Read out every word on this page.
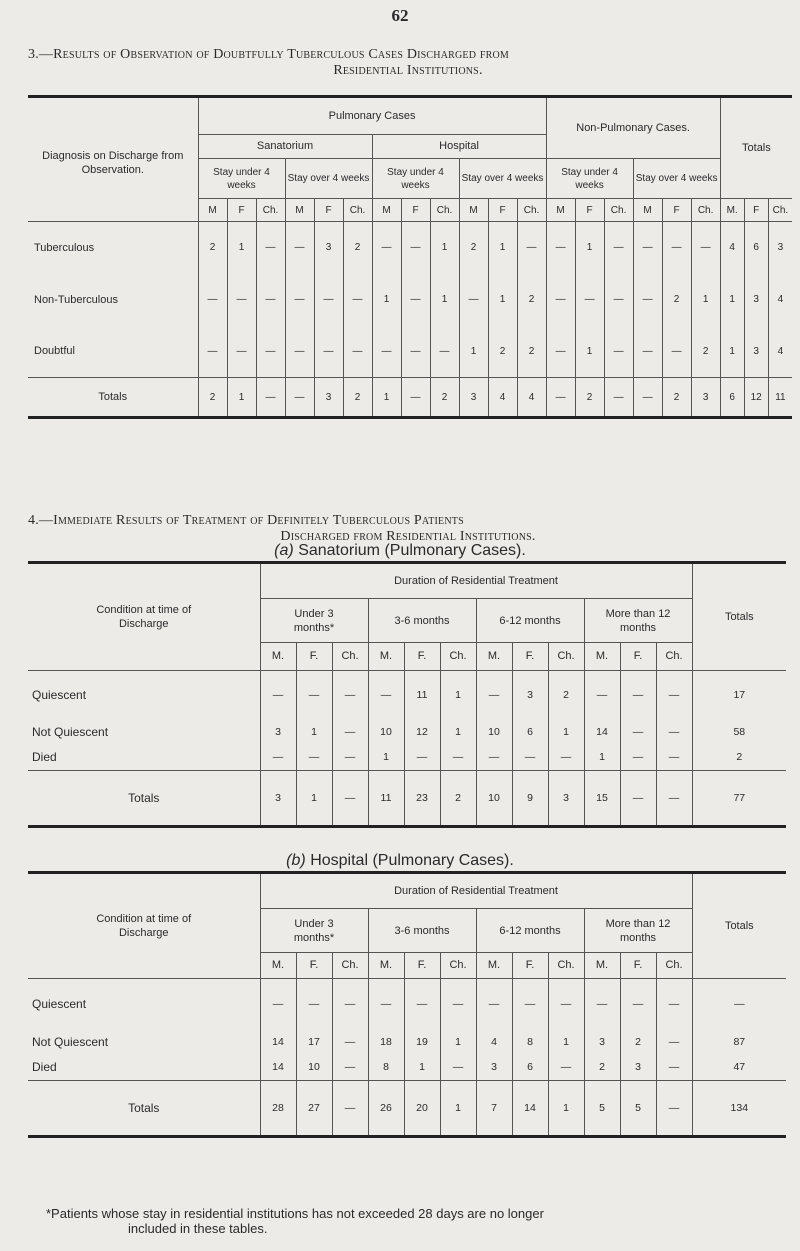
62
3.—Results of Observation of Doubtfully Tuberculous Cases Discharged from
Residential Institutions.
Diagnosis on Discharge from Observation.	Pulmonary Cases												Non-Pulmonary Cases.						Totals		
	Sanatorium						Hospital														
	Stay under 4 weeks			Stay over 4 weeks			Stay under 4 weeks			Stay over 4 weeks			Stay under 4 weeks			Stay over 4 weeks					
	M	F	Ch.	M	F	Ch.	M	F	Ch.	M	F	Ch.	M	F	Ch.	M	F	Ch.	M.	F	Ch.
Tuberculous	2	1	—	—	3	2	—	—	1	2	1	—	—	1	—	—	—	—	4	6	3
Non-Tuberculous	—	—	—	—	—	—	1	—	1	—	1	2	—	—	—	—	2	1	1	3	4
Doubtful	—	—	—	—	—	—	—	—	—	1	2	2	—	1	—	—	—	2	1	3	4
Totals	2	1	—	—	3	2	1	—	2	3	4	4	—	2	—	—	2	3	6	12	11
4.—Immediate Results of Treatment of Definitely Tuberculous Patients
Discharged from Residential Institutions.
(a) Sanatorium (Pulmonary Cases).
Condition at time of Discharge	Duration of Residential Treatment												Totals
	Under 3 months*			3-6 months			6-12 months			More than 12 months			
	M.	F.	Ch.	M.	F.	Ch.	M.	F.	Ch.	M.	F.	Ch.	
Quiescent	—	—	—	—	11	1	—	3	2	—	—	—	17
Not Quiescent	3	1	—	10	12	1	10	6	1	14	—	—	58
Died	—	—	—	1	—	—	—	—	—	1	—	—	2
Totals	3	1	—	11	23	2	10	9	3	15	—	—	77
(b) Hospital (Pulmonary Cases).
Condition at time of Discharge	Duration of Residential Treatment												Totals
	Under 3 months*			3-6 months			6-12 months			More than 12 months			
	M.	F.	Ch.	M.	F.	Ch.	M.	F.	Ch.	M.	F.	Ch.	
Quiescent	—	—	—	—	—	—	—	—	—	—	—	—	—
Not Quiescent	14	17	—	18	19	1	4	8	1	3	2	—	87
Died	14	10	—	8	1	—	3	6	—	2	3	—	47
Totals	28	27	—	26	20	1	7	14	1	5	5	—	134
*Patients whose stay in residential institutions has not exceeded 28 days are no longer
included in these tables.
